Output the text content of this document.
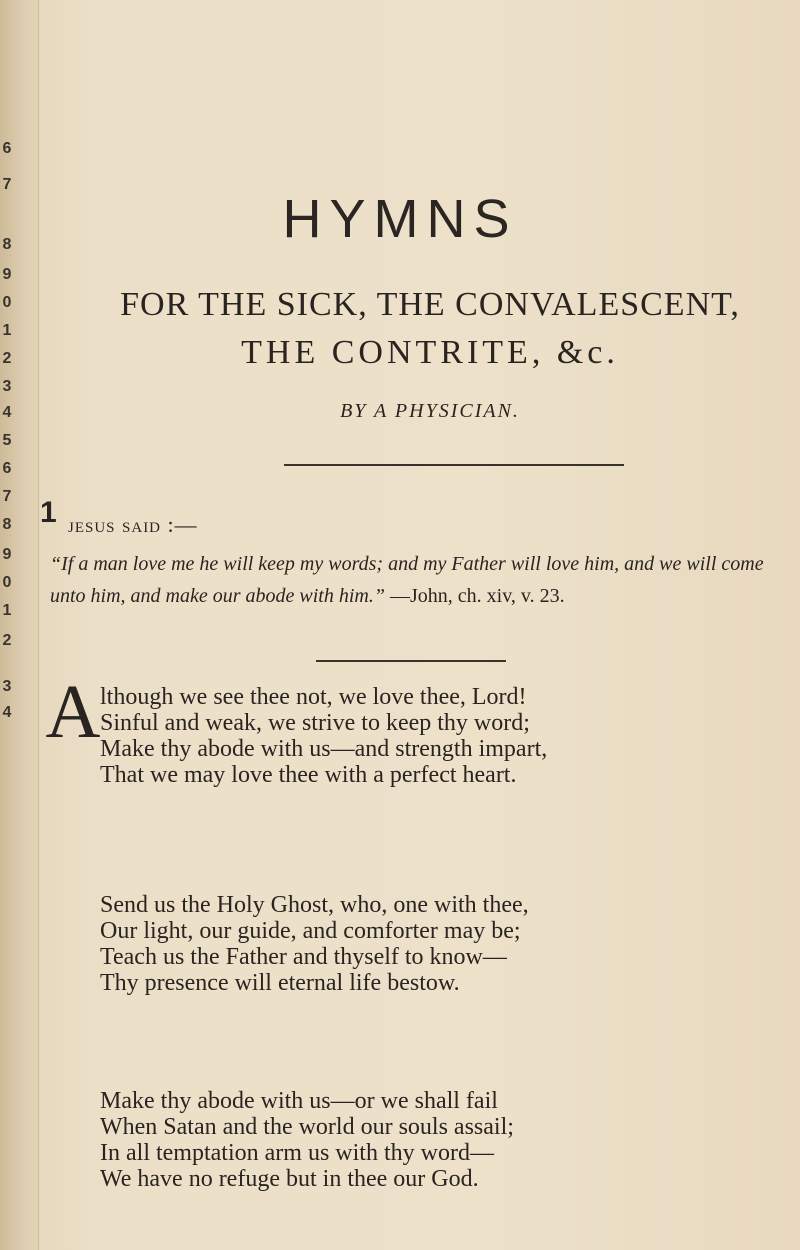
6
7
8
9
0
1
2
3
4
5
6
7
8
9
0
1
2
3
4
HYMNS
FOR THE SICK, THE CONVALESCENT,
THE CONTRITE, &c.
BY A PHYSICIAN.
1 jesus said :—
“If a man love me he will keep my words; and my Father will love him, and we will come unto him, and make our abode with him.” —John, ch. xiv, v. 23.
A lthough we see thee not, we love thee, Lord!
Sinful and weak, we strive to keep thy word;
Make thy abode with us—and strength impart,
That we may love thee with a perfect heart.
Send us the Holy Ghost, who, one with thee,
Our light, our guide, and comforter may be;
Teach us the Father and thyself to know—
Thy presence will eternal life bestow.
Make thy abode with us—or we shall fail
When Satan and the world our souls assail;
In all temptation arm us with thy word—
We have no refuge but in thee our God.
